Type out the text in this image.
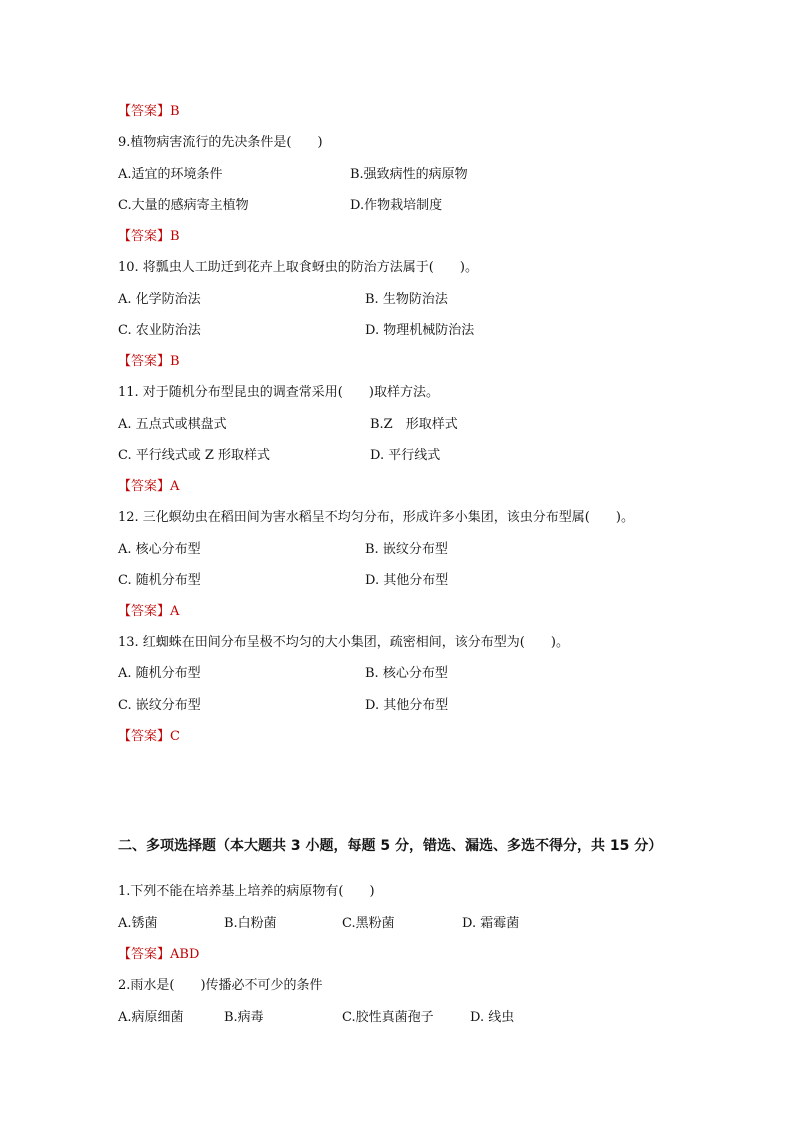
【答案】B
9.植物病害流行的先决条件是(　　)
A.适宜的环境条件	B.强致病性的病原物
C.大量的感病寄主植物	D.作物栽培制度
【答案】B
10. 将瓢虫人工助迁到花卉上取食蚜虫的防治方法属于(　　)。
A. 化学防治法	B. 生物防治法
C. 农业防治法	D. 物理机械防治法
【答案】B
11. 对于随机分布型昆虫的调查常采用(　　)取样方法。
A. 五点式或棋盘式	B.Z　形取样式
C. 平行线式或 Z 形取样式	D. 平行线式
【答案】A
12. 三化螟幼虫在稻田间为害水稻呈不均匀分布，形成许多小集团，该虫分布型属(　　)。
A. 核心分布型	B. 嵌纹分布型
C. 随机分布型	D. 其他分布型
【答案】A
13. 红蜘蛛在田间分布呈极不均匀的大小集团，疏密相间，该分布型为(　　)。
A. 随机分布型	B. 核心分布型
C. 嵌纹分布型	D. 其他分布型
【答案】C
二、多项选择题（本大题共 3 小题，每题 5 分，错选、漏选、多选不得分，共 15 分）
1.下列不能在培养基上培养的病原物有(　　)
A.锈菌	B.白粉菌	C.黑粉菌	D. 霜霉菌
【答案】ABD
2.雨水是(　　)传播必不可少的条件
A.病原细菌	B.病毒	C.胶性真菌孢子	D. 线虫
